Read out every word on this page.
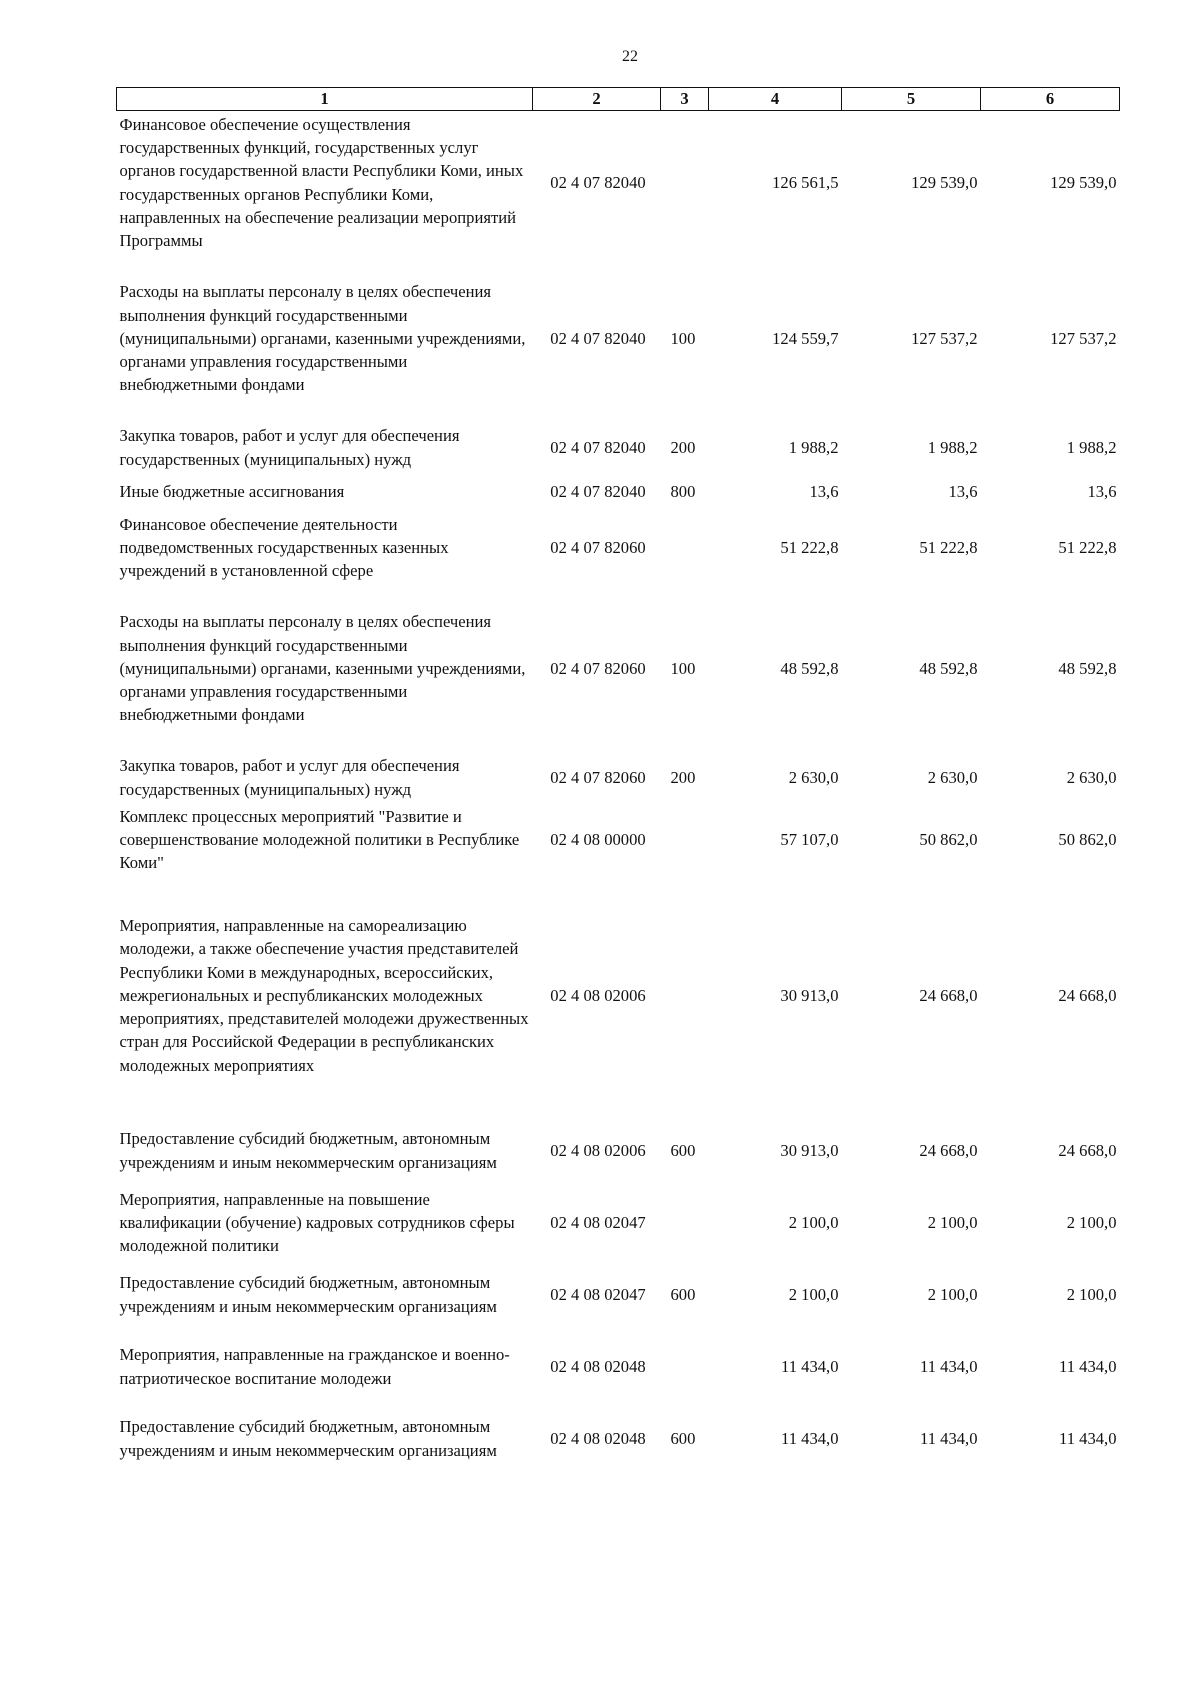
22
1	2	3	4	5	6
Финансовое обеспечение осуществления государственных функций, государственных услуг органов государственной власти Республики Коми, иных государственных органов Республики Коми, направленных на обеспечение реализации мероприятий Программы	02 4 07 82040		126 561,5	129 539,0	129 539,0

Расходы на выплаты персоналу в целях обеспечения выполнения функций государственными (муниципальными) органами, казенными учреждениями, органами управления государственными внебюджетными фондами	02 4 07 82040	100	124 559,7	127 537,2	127 537,2

Закупка товаров, работ и услуг для обеспечения государственных (муниципальных) нужд	02 4 07 82040	200	1 988,2	1 988,2	1 988,2
Иные бюджетные ассигнования	02 4 07 82040	800	13,6	13,6	13,6
Финансовое обеспечение деятельности подведомственных государственных казенных учреждений в установленной сфере	02 4 07 82060		51 222,8	51 222,8	51 222,8

Расходы на выплаты персоналу в целях обеспечения выполнения функций государственными (муниципальными) органами, казенными учреждениями, органами управления государственными внебюджетными фондами	02 4 07 82060	100	48 592,8	48 592,8	48 592,8

Закупка товаров, работ и услуг для обеспечения государственных (муниципальных) нужд	02 4 07 82060	200	2 630,0	2 630,0	2 630,0
Комплекс процессных мероприятий "Развитие и совершенствование молодежной политики в Республике Коми"	02 4 08 00000		57 107,0	50 862,0	50 862,0

Мероприятия, направленные на самореализацию молодежи, а также обеспечение участия представителей Республики Коми в международных, всероссийских, межрегиональных и республиканских молодежных мероприятиях, представителей молодежи дружественных стран для Российской Федерации в республиканских молодежных мероприятиях	02 4 08 02006		30 913,0	24 668,0	24 668,0

Предоставление субсидий бюджетным, автономным учреждениям и иным некоммерческим организациям	02 4 08 02006	600	30 913,0	24 668,0	24 668,0
Мероприятия, направленные на повышение квалификации (обучение) кадровых сотрудников сферы молодежной политики	02 4 08 02047		2 100,0	2 100,0	2 100,0
Предоставление субсидий бюджетным, автономным учреждениям и иным некоммерческим организациям	02 4 08 02047	600	2 100,0	2 100,0	2 100,0
Мероприятия, направленные на гражданское и военно-патриотическое воспитание молодежи	02 4 08 02048		11 434,0	11 434,0	11 434,0
Предоставление субсидий бюджетным, автономным учреждениям и иным некоммерческим организациям	02 4 08 02048	600	11 434,0	11 434,0	11 434,0
